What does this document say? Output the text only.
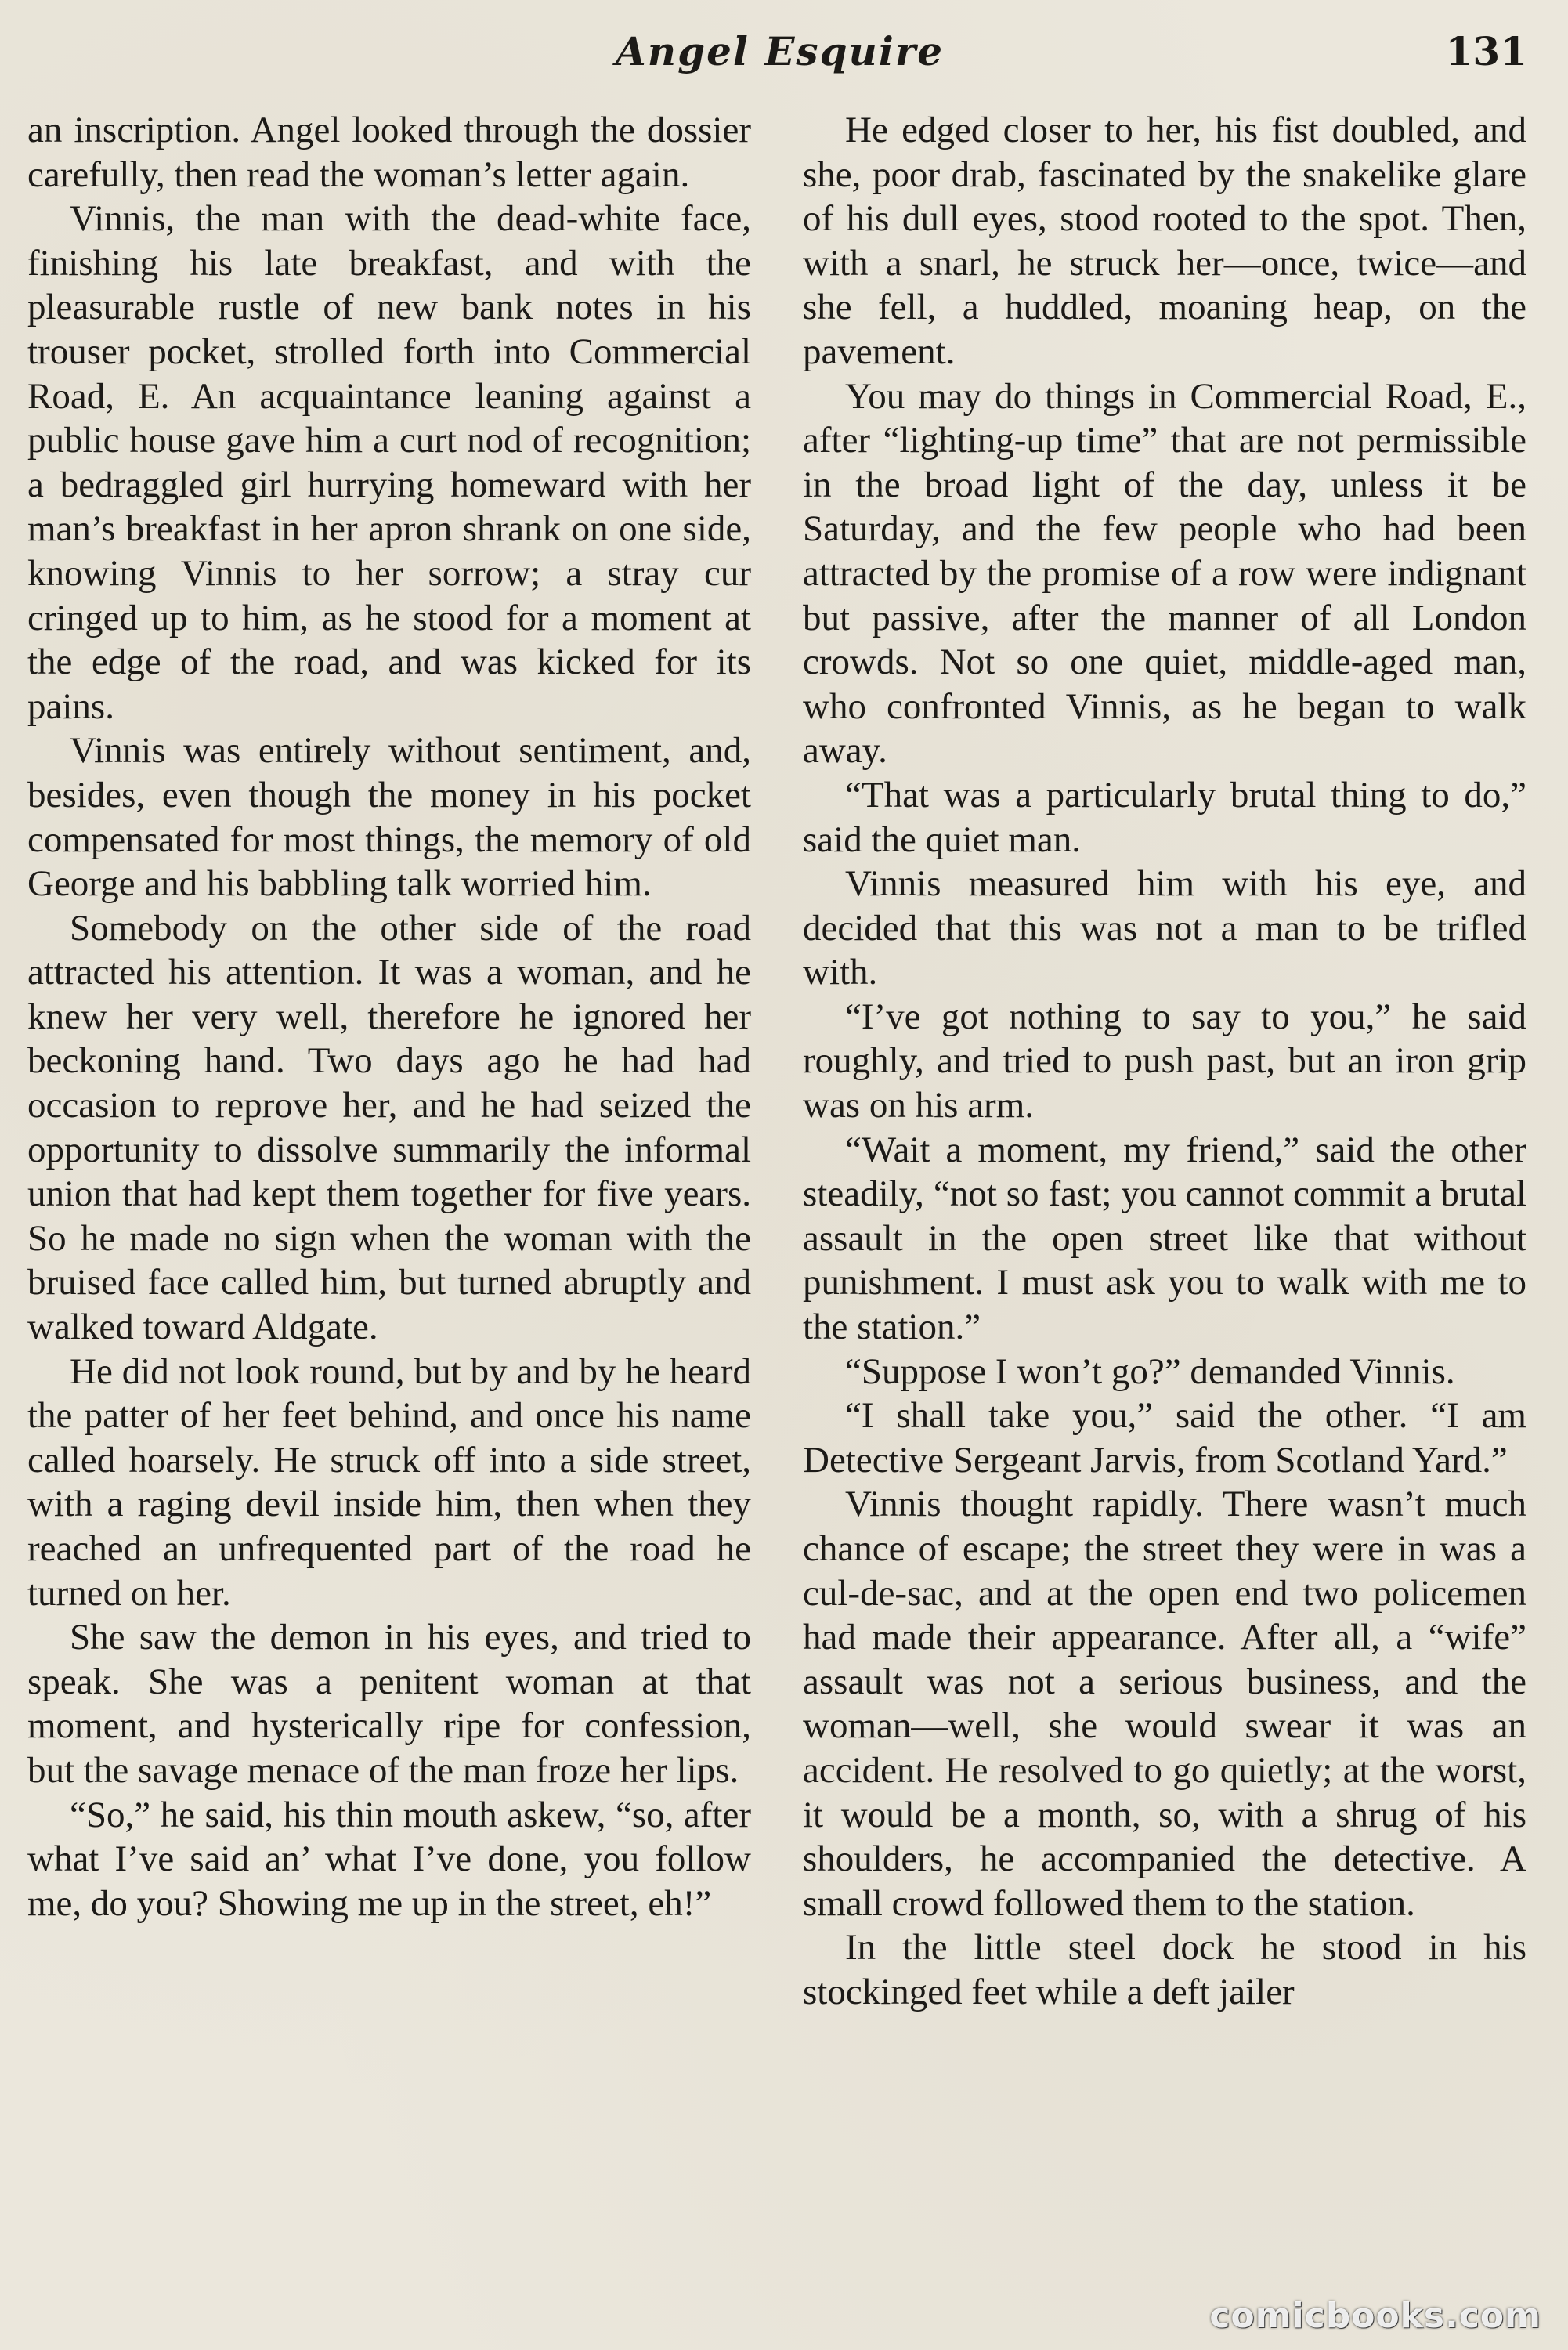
Angel Esquire	131

an inscription. Angel looked through the dossier carefully, then read the woman’s letter again.

Vinnis, the man with the dead-white face, finishing his late breakfast, and with the pleasurable rustle of new bank notes in his trouser pocket, strolled forth into Commercial Road, E. An acquaintance leaning against a public house gave him a curt nod of recognition; a bedraggled girl hurrying homeward with her man’s breakfast in her apron shrank on one side, knowing Vinnis to her sorrow; a stray cur cringed up to him, as he stood for a moment at the edge of the road, and was kicked for its pains.

Vinnis was entirely without sentiment, and, besides, even though the money in his pocket compensated for most things, the memory of old George and his babbling talk worried him.

Somebody on the other side of the road attracted his attention. It was a woman, and he knew her very well, therefore he ignored her beckoning hand. Two days ago he had had occasion to reprove her, and he had seized the opportunity to dissolve summarily the informal union that had kept them together for five years. So he made no sign when the woman with the bruised face called him, but turned abruptly and walked toward Aldgate.

He did not look round, but by and by he heard the patter of her feet behind, and once his name called hoarsely. He struck off into a side street, with a raging devil inside him, then when they reached an unfrequented part of the road he turned on her.

She saw the demon in his eyes, and tried to speak. She was a penitent woman at that moment, and hysterically ripe for confession, but the savage menace of the man froze her lips.

“So,” he said, his thin mouth askew, “so, after what I’ve said an’ what I’ve done, you follow me, do you? Showing me up in the street, eh!”

He edged closer to her, his fist doubled, and she, poor drab, fascinated by the snakelike glare of his dull eyes, stood rooted to the spot. Then, with a snarl, he struck her—once, twice—and she fell, a huddled, moaning heap, on the pavement.

You may do things in Commercial Road, E., after “lighting-up time” that are not permissible in the broad light of the day, unless it be Saturday, and the few people who had been attracted by the promise of a row were indignant but passive, after the manner of all London crowds. Not so one quiet, middle-aged man, who confronted Vinnis, as he began to walk away.

“That was a particularly brutal thing to do,” said the quiet man.

Vinnis measured him with his eye, and decided that this was not a man to be trifled with.

“I’ve got nothing to say to you,” he said roughly, and tried to push past, but an iron grip was on his arm.

“Wait a moment, my friend,” said the other steadily, “not so fast; you cannot commit a brutal assault in the open street like that without punishment. I must ask you to walk with me to the station.”

“Suppose I won’t go?” demanded Vinnis.

“I shall take you,” said the other. “I am Detective Sergeant Jarvis, from Scotland Yard.”

Vinnis thought rapidly. There wasn’t much chance of escape; the street they were in was a cul-de-sac, and at the open end two policemen had made their appearance. After all, a “wife” assault was not a serious business, and the woman—well, she would swear it was an accident. He resolved to go quietly; at the worst, it would be a month, so, with a shrug of his shoulders, he accompanied the detective. A small crowd followed them to the station.

In the little steel dock he stood in his stockinged feet while a deft jailer

comicbooks.com
